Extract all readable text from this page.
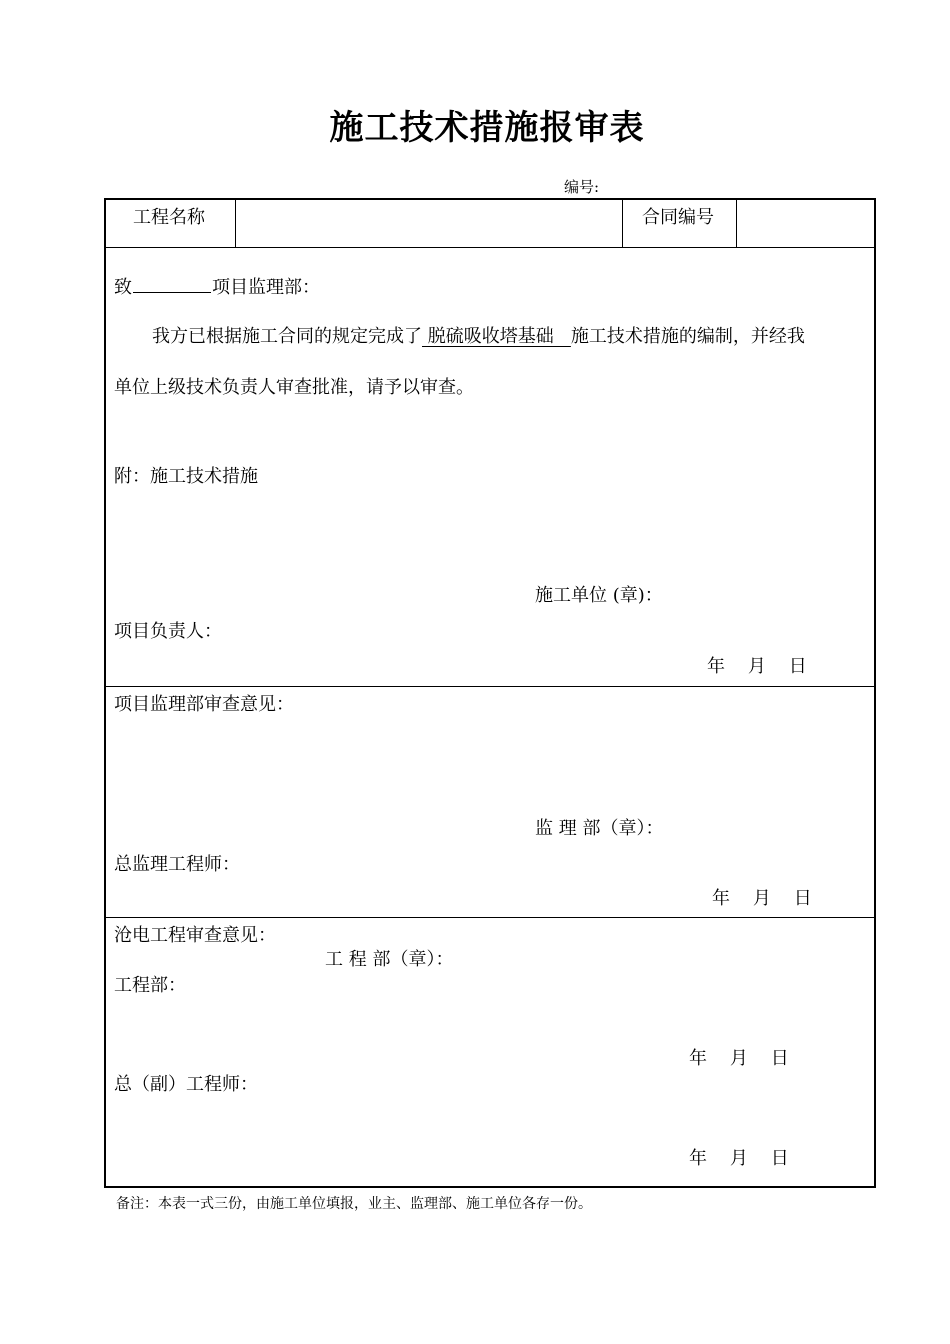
施工技术措施报审表
编号:
工程名称	合同编号
致	项目监理部：
我方已根据施工合同的规定完成了 脱硫吸收塔基础   施工技术措施的编制，并经我
单位上级技术负责人审查批准，请予以审查。
附：施工技术措施
施工单位 (章)：
项目负责人：
年    月    日
项目监理部审查意见：
监 理 部（章）：
总监理工程师：
年    月    日
沧电工程审查意见：
工 程 部（章）：
工程部：
年    月    日
总（副）工程师：
年    月    日
备注：本表一式三份，由施工单位填报，业主、监理部、施工单位各存一份。
